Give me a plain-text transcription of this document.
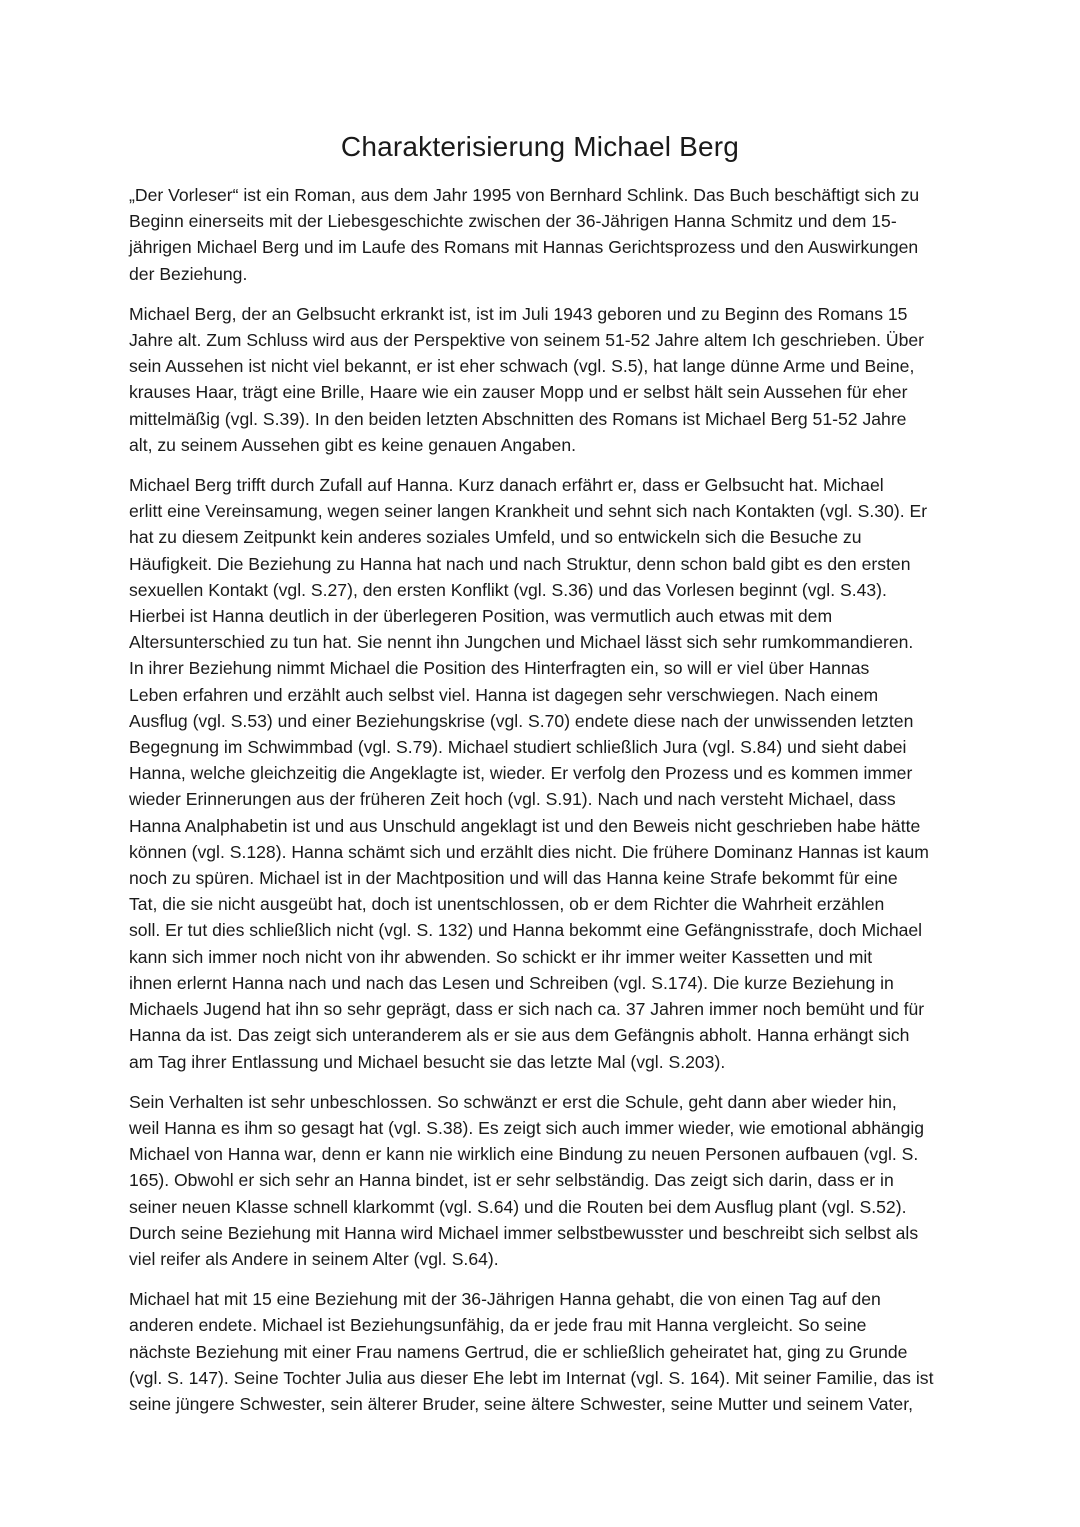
Charakterisierung Michael Berg

„Der Vorleser“ ist ein Roman, aus dem Jahr 1995 von Bernhard Schlink. Das Buch beschäftigt sich zu
Beginn einerseits mit der Liebesgeschichte zwischen der 36-Jährigen Hanna Schmitz und dem 15-
jährigen Michael Berg und im Laufe des Romans mit Hannas Gerichtsprozess und den Auswirkungen
der Beziehung.

Michael Berg, der an Gelbsucht erkrankt ist, ist im Juli 1943 geboren und zu Beginn des Romans 15
Jahre alt. Zum Schluss wird aus der Perspektive von seinem 51-52 Jahre altem Ich geschrieben. Über
sein Aussehen ist nicht viel bekannt, er ist eher schwach (vgl. S.5), hat lange dünne Arme und Beine,
krauses Haar, trägt eine Brille, Haare wie ein zauser Mopp und er selbst hält sein Aussehen für eher
mittelmäßig (vgl. S.39). In den beiden letzten Abschnitten des Romans ist Michael Berg 51-52 Jahre
alt, zu seinem Aussehen gibt es keine genauen Angaben.

Michael Berg trifft durch Zufall auf Hanna. Kurz danach erfährt er, dass er Gelbsucht hat. Michael
erlitt eine Vereinsamung, wegen seiner langen Krankheit und sehnt sich nach Kontakten (vgl. S.30). Er
hat zu diesem Zeitpunkt kein anderes soziales Umfeld, und so entwickeln sich die Besuche zu
Häufigkeit. Die Beziehung zu Hanna hat nach und nach Struktur, denn schon bald gibt es den ersten
sexuellen Kontakt (vgl. S.27), den ersten Konflikt (vgl. S.36) und das Vorlesen beginnt (vgl. S.43).
Hierbei ist Hanna deutlich in der überlegeren Position, was vermutlich auch etwas mit dem
Altersunterschied zu tun hat. Sie nennt ihn Jungchen und Michael lässt sich sehr rumkommandieren.
In ihrer Beziehung nimmt Michael die Position des Hinterfragten ein, so will er viel über Hannas
Leben erfahren und erzählt auch selbst viel. Hanna ist dagegen sehr verschwiegen. Nach einem
Ausflug (vgl. S.53) und einer Beziehungskrise (vgl. S.70) endete diese nach der unwissenden letzten
Begegnung im Schwimmbad (vgl. S.79). Michael studiert schließlich Jura (vgl. S.84) und sieht dabei
Hanna, welche gleichzeitig die Angeklagte ist, wieder. Er verfolg den Prozess und es kommen immer
wieder Erinnerungen aus der früheren Zeit hoch (vgl. S.91). Nach und nach versteht Michael, dass
Hanna Analphabetin ist und aus Unschuld angeklagt ist und den Beweis nicht geschrieben habe hätte
können (vgl. S.128). Hanna schämt sich und erzählt dies nicht. Die frühere Dominanz Hannas ist kaum
noch zu spüren. Michael ist in der Machtposition und will das Hanna keine Strafe bekommt für eine
Tat, die sie nicht ausgeübt hat, doch ist unentschlossen, ob er dem Richter die Wahrheit erzählen
soll. Er tut dies schließlich nicht (vgl. S. 132) und Hanna bekommt eine Gefängnisstrafe, doch Michael
kann sich immer noch nicht von ihr abwenden. So schickt er ihr immer weiter Kassetten und mit
ihnen erlernt Hanna nach und nach das Lesen und Schreiben (vgl. S.174). Die kurze Beziehung in
Michaels Jugend hat ihn so sehr geprägt, dass er sich nach ca. 37 Jahren immer noch bemüht und für
Hanna da ist. Das zeigt sich unteranderem als er sie aus dem Gefängnis abholt. Hanna erhängt sich
am Tag ihrer Entlassung und Michael besucht sie das letzte Mal (vgl. S.203).

Sein Verhalten ist sehr unbeschlossen. So schwänzt er erst die Schule, geht dann aber wieder hin,
weil Hanna es ihm so gesagt hat (vgl. S.38). Es zeigt sich auch immer wieder, wie emotional abhängig
Michael von Hanna war, denn er kann nie wirklich eine Bindung zu neuen Personen aufbauen (vgl. S.
165). Obwohl er sich sehr an Hanna bindet, ist er sehr selbständig. Das zeigt sich darin, dass er in
seiner neuen Klasse schnell klarkommt (vgl. S.64) und die Routen bei dem Ausflug plant (vgl. S.52).
Durch seine Beziehung mit Hanna wird Michael immer selbstbewusster und beschreibt sich selbst als
viel reifer als Andere in seinem Alter (vgl. S.64).

Michael hat mit 15 eine Beziehung mit der 36-Jährigen Hanna gehabt, die von einen Tag auf den
anderen endete. Michael ist Beziehungsunfähig, da er jede frau mit Hanna vergleicht. So seine
nächste Beziehung mit einer Frau namens Gertrud, die er schließlich geheiratet hat, ging zu Grunde
(vgl. S. 147). Seine Tochter Julia aus dieser Ehe lebt im Internat (vgl. S. 164). Mit seiner Familie, das ist
seine jüngere Schwester, sein älterer Bruder, seine ältere Schwester, seine Mutter und seinem Vater,
